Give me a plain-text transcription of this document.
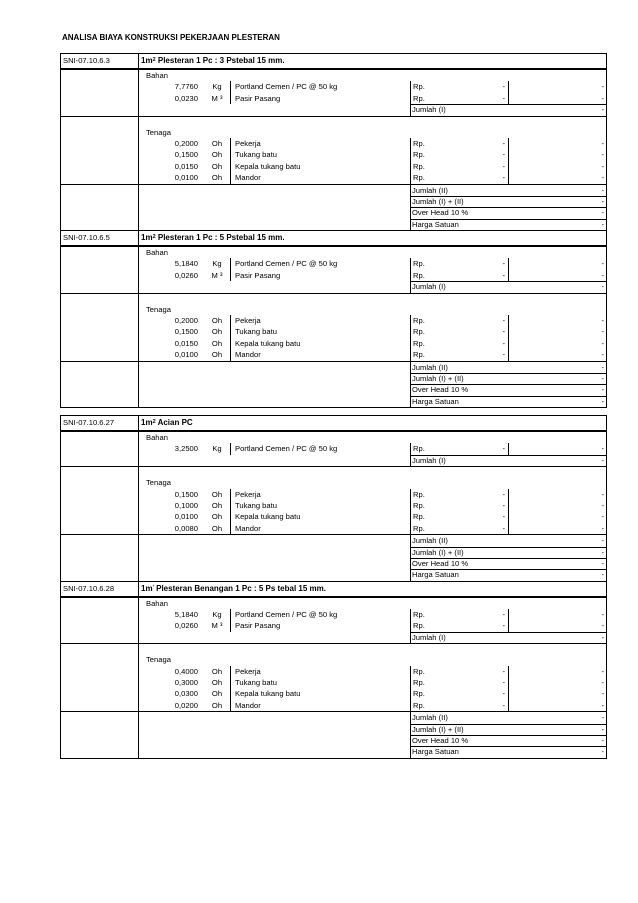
ANALISA BIAYA KONSTRUKSI PEKERJAAN PLESTERAN
SNI-07.10.6.3	$1m^2$ Plesteran 1 Pc : 3 Pstebal 15 mm.
Bahan
7,7760	Kg	Portland Cemen / PC @ 50 kg	Rp.	-	-
0,0230	M ³	Pasir Pasang	Rp.	-	-
Jumlah (I)	-
Tenaga
0,2000	Oh	Pekerja	Rp.	-	-
0,1500	Oh	Tukang batu	Rp.	-	-
0,0150	Oh	Kepala tukang batu	Rp.	-	-
0,0100	Oh	Mandor	Rp.	-	-
Jumlah (II)	-
Jumlah (I) + (II)	-
Over Head 10 %	-
Harga Satuan	-
SNI-07.10.6.5	$1m^2$ Plesteran 1 Pc : 5 Pstebal 15 mm.
Bahan
5,1840	Kg	Portland Cemen / PC @ 50 kg	Rp.	-	-
0,0260	M ³	Pasir Pasang	Rp.	-	-
Jumlah (I)	-
Tenaga
0,2000	Oh	Pekerja	Rp.	-	-
0,1500	Oh	Tukang batu	Rp.	-	-
0,0150	Oh	Kepala tukang batu	Rp.	-	-
0,0100	Oh	Mandor	Rp.	-	-
Jumlah (II)	-
Jumlah (I) + (II)	-
Over Head 10 %	-
Harga Satuan	-
SNI-07.10.6.27	$1m^2$ Acian PC
Bahan
3,2500	Kg	Portland Cemen / PC @ 50 kg	Rp.	-	-
Jumlah (I)	-
Tenaga
0,1500	Oh	Pekerja	Rp.	-	-
0,1000	Oh	Tukang batu	Rp.	-	-
0,0100	Oh	Kepala tukang batu	Rp.	-	-
0,0080	Oh	Mandor	Rp.	-	-
Jumlah (II)	-
Jumlah (I) + (II)	-
Over Head 10 %	-
Harga Satuan	-
SNI-07.10.6.28	1m' Plesteran Benangan 1 Pc : 5 Ps tebal 15 mm.
Bahan
5,1840	Kg	Portland Cemen / PC @ 50 kg	Rp.	-	-
0,0260	M ³	Pasir Pasang	Rp.	-	-
Jumlah (I)	-
Tenaga
0,4000	Oh	Pekerja	Rp.	-	-
0,3000	Oh	Tukang batu	Rp.	-	-
0,0300	Oh	Kepala tukang batu	Rp.	-	-
0,0200	Oh	Mandor	Rp.	-	-
Jumlah (II)	-
Jumlah (I) + (II)	-
Over Head 10 %	-
Harga Satuan	-
